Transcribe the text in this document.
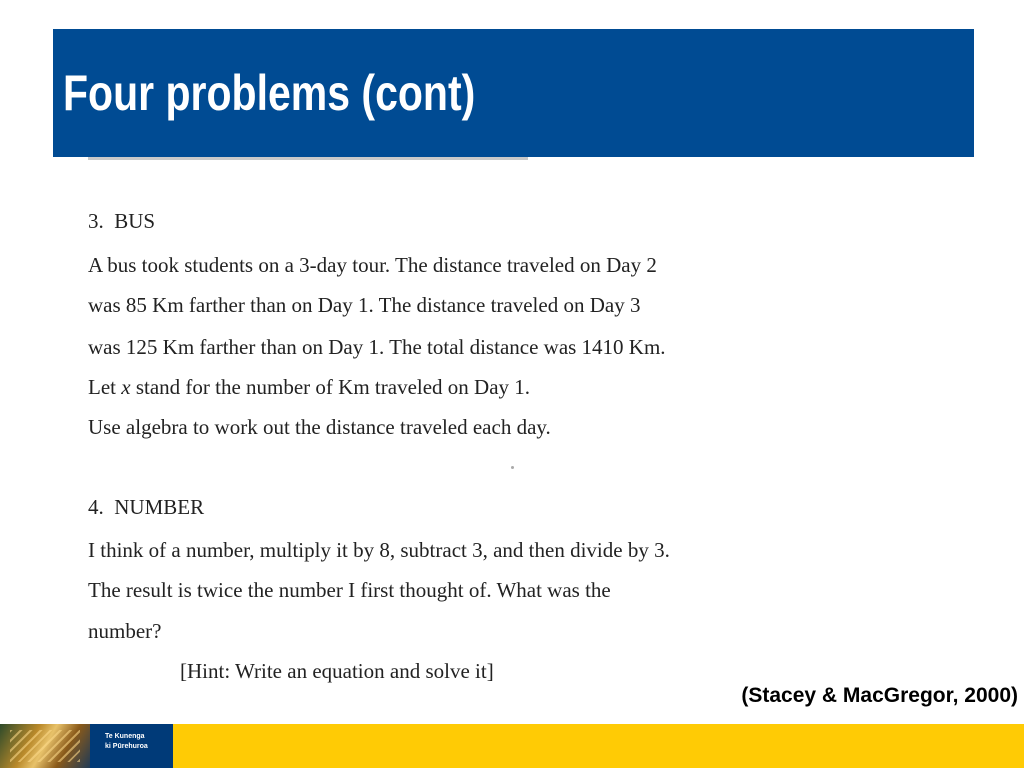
Four problems (cont)
3. BUS
A bus took students on a 3-day tour. The distance traveled on Day 2
was 85 Km farther than on Day 1. The distance traveled on Day 3
was 125 Km farther than on Day 1. The total distance was 1410 Km.
Let x stand for the number of Km traveled on Day 1.
Use algebra to work out the distance traveled each day.
4. NUMBER
I think of a number, multiply it by 8, subtract 3, and then divide by 3.
The result is twice the number I first thought of. What was the
number?
[Hint: Write an equation and solve it]
(Stacey & MacGregor, 2000)
Te Kunenga
ki Pūrehuroa
